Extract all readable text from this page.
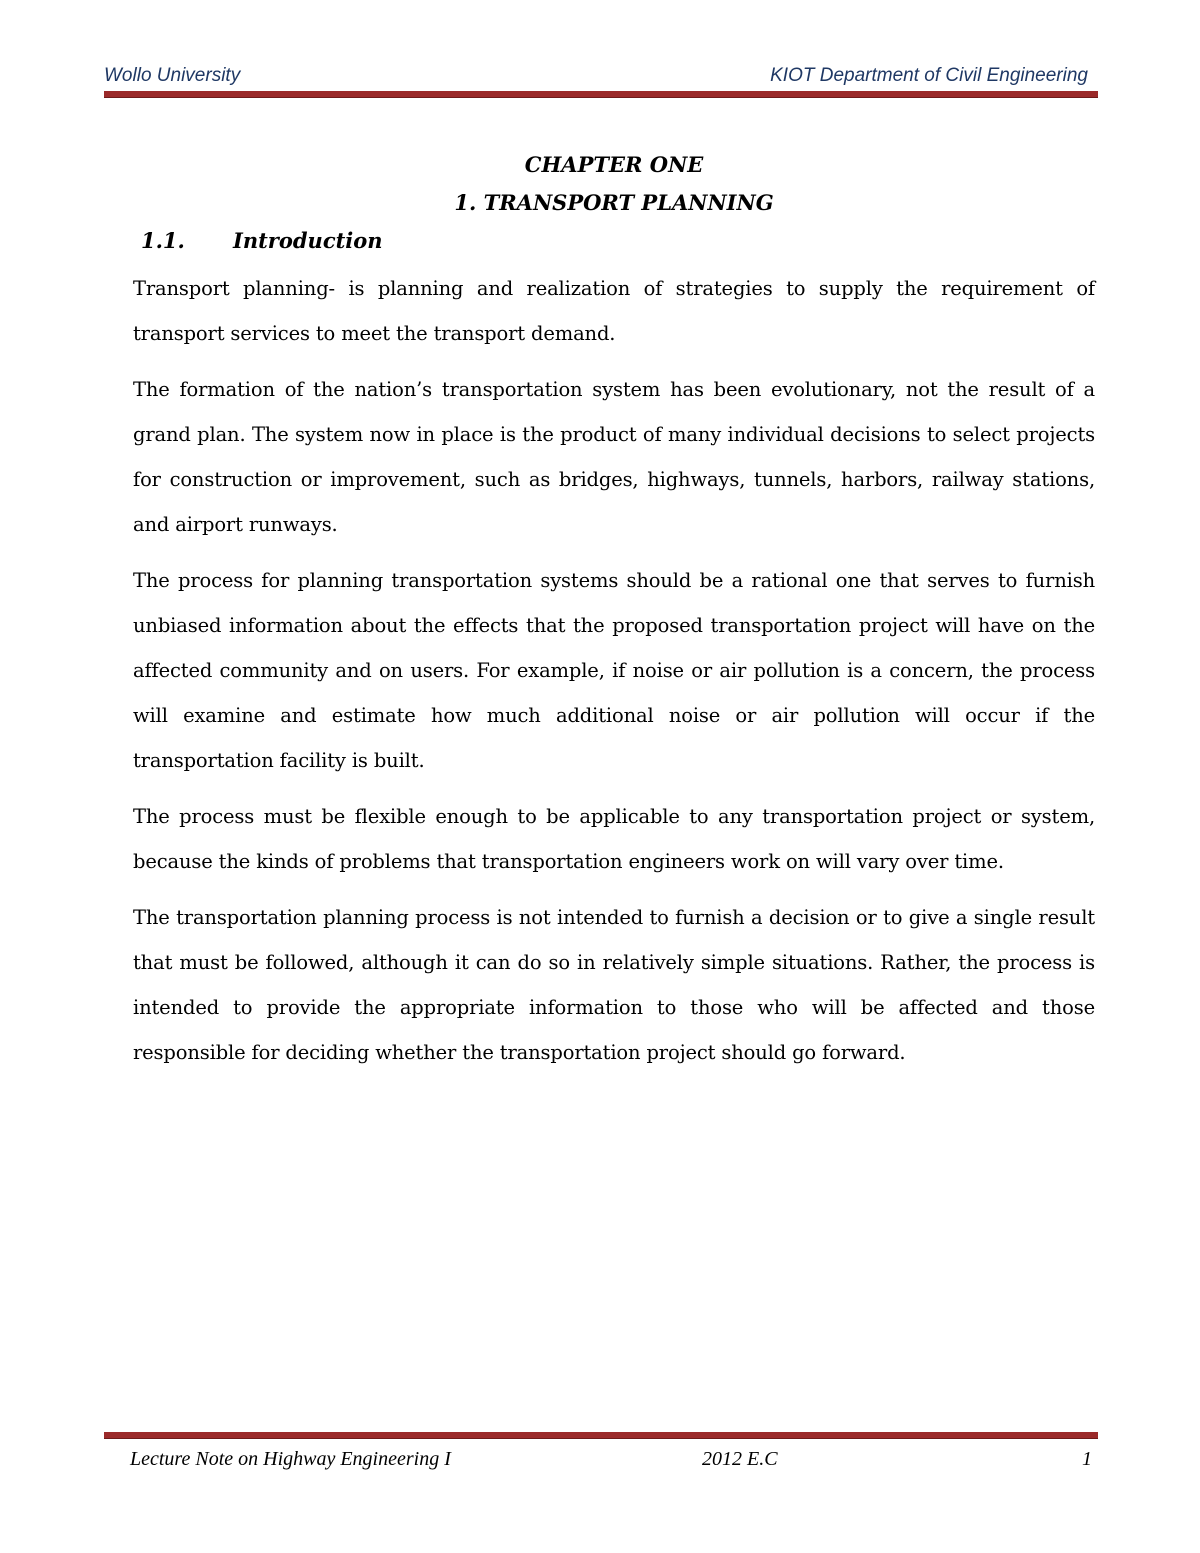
Wollo University	KIOT Department of Civil Engineering
CHAPTER ONE
1. TRANSPORT PLANNING
1.1. Introduction

Transport planning- is planning and realization of strategies to supply the requirement of transport services to meet the transport demand.

The formation of the nation’s transportation system has been evolutionary, not the result of a grand plan. The system now in place is the product of many individual decisions to select projects for construction or improvement, such as bridges, highways, tunnels, harbors, railway stations, and airport runways.

The process for planning transportation systems should be a rational one that serves to furnish unbiased information about the effects that the proposed transportation project will have on the affected community and on users. For example, if noise or air pollution is a concern, the process will examine and estimate how much additional noise or air pollution will occur if the transportation facility is built.

The process must be flexible enough to be applicable to any transportation project or system, because the kinds of problems that transportation engineers work on will vary over time.

The transportation planning process is not intended to furnish a decision or to give a single result that must be followed, although it can do so in relatively simple situations. Rather, the process is intended to provide the appropriate information to those who will be affected and those responsible for deciding whether the transportation project should go forward.

Lecture Note on Highway Engineering I	2012 E.C	1
